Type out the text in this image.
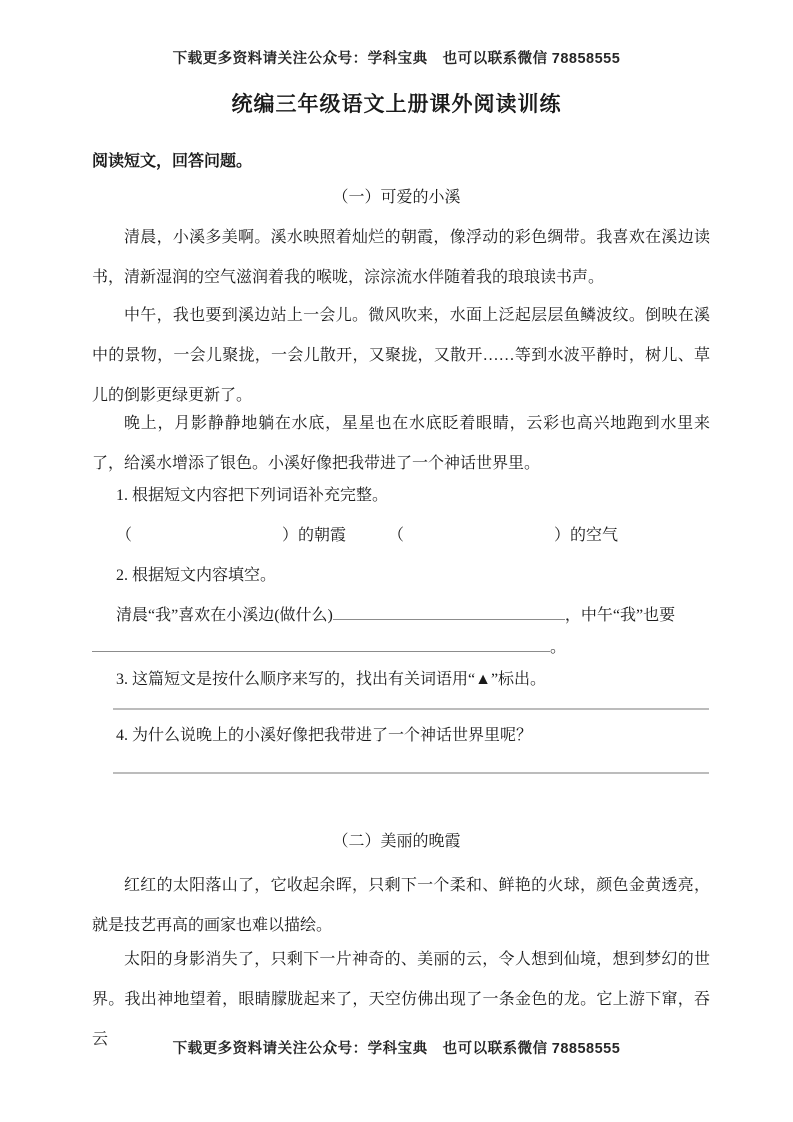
下载更多资料请关注公众号：学科宝典　也可以联系微信 78858555
统编三年级语文上册课外阅读训练
阅读短文，回答问题。
（一）可爱的小溪
清晨，小溪多美啊。溪水映照着灿烂的朝霞，像浮动的彩色绸带。我喜欢在溪边读书，清新湿润的空气滋润着我的喉咙，淙淙流水伴随着我的琅琅读书声。
中午，我也要到溪边站上一会儿。微风吹来，水面上泛起层层鱼鳞波纹。倒映在溪中的景物，一会儿聚拢，一会儿散开，又聚拢，又散开……等到水波平静时，树儿、草儿的倒影更绿更新了。
晚上，月影静静地躺在水底，星星也在水底眨着眼睛，云彩也高兴地跑到水里来了，给溪水增添了银色。小溪好像把我带进了一个神话世界里。
1. 根据短文内容把下列词语补充完整。
（	）的朝霞	（	）的空气
2. 根据短文内容填空。
清晨“我”喜欢在小溪边(做什么)	，中午“我”也要
。
3. 这篇短文是按什么顺序来写的，找出有关词语用“▲”标出。
4. 为什么说晚上的小溪好像把我带进了一个神话世界里呢？
（二）美丽的晚霞
红红的太阳落山了，它收起余晖，只剩下一个柔和、鲜艳的火球，颜色金黄透亮，就是技艺再高的画家也难以描绘。
太阳的身影消失了，只剩下一片神奇的、美丽的云，令人想到仙境，想到梦幻的世界。我出神地望着，眼睛朦胧起来了，天空仿佛出现了一条金色的龙。它上游下窜，吞云
下载更多资料请关注公众号：学科宝典　也可以联系微信 78858555
